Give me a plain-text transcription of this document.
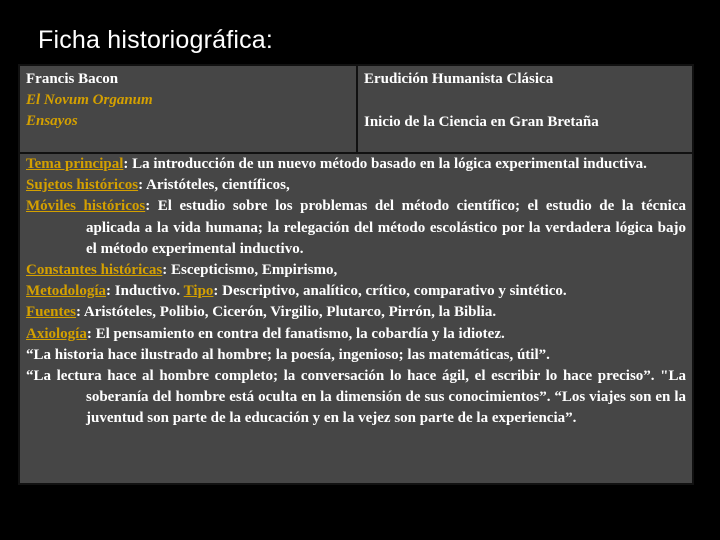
Ficha historiográfica:
Francis Bacon
El Novum Organum
Ensayos
Erudición Humanista Clásica
Inicio de la Ciencia en Gran Bretaña
Tema principal: La introducción de un nuevo método basado en la lógica experimental inductiva.
Sujetos históricos: Aristóteles, científicos,
Móviles históricos: El estudio sobre los problemas del método científico; el estudio de la técnica aplicada a la vida humana; la relegación del método escolástico por la verdadera lógica bajo el método experimental inductivo.
Constantes históricas: Escepticismo, Empirismo,
Metodología: Inductivo. Tipo: Descriptivo, analítico, crítico, comparativo y sintético.
Fuentes: Aristóteles, Polibio, Cicerón, Virgilio, Plutarco, Pirrón, la Biblia.
Axiología: El pensamiento en contra del fanatismo, la cobardía y la idiotez.
“La historia hace ilustrado al hombre; la poesía, ingenioso; las matemáticas, útil”.
“La lectura hace al hombre completo; la conversación lo hace ágil, el escribir lo hace preciso”. "La soberanía del hombre está oculta en la dimensión de sus conocimientos”. “Los viajes son en la juventud son parte de la educación y en la vejez son parte de la experiencia”.
